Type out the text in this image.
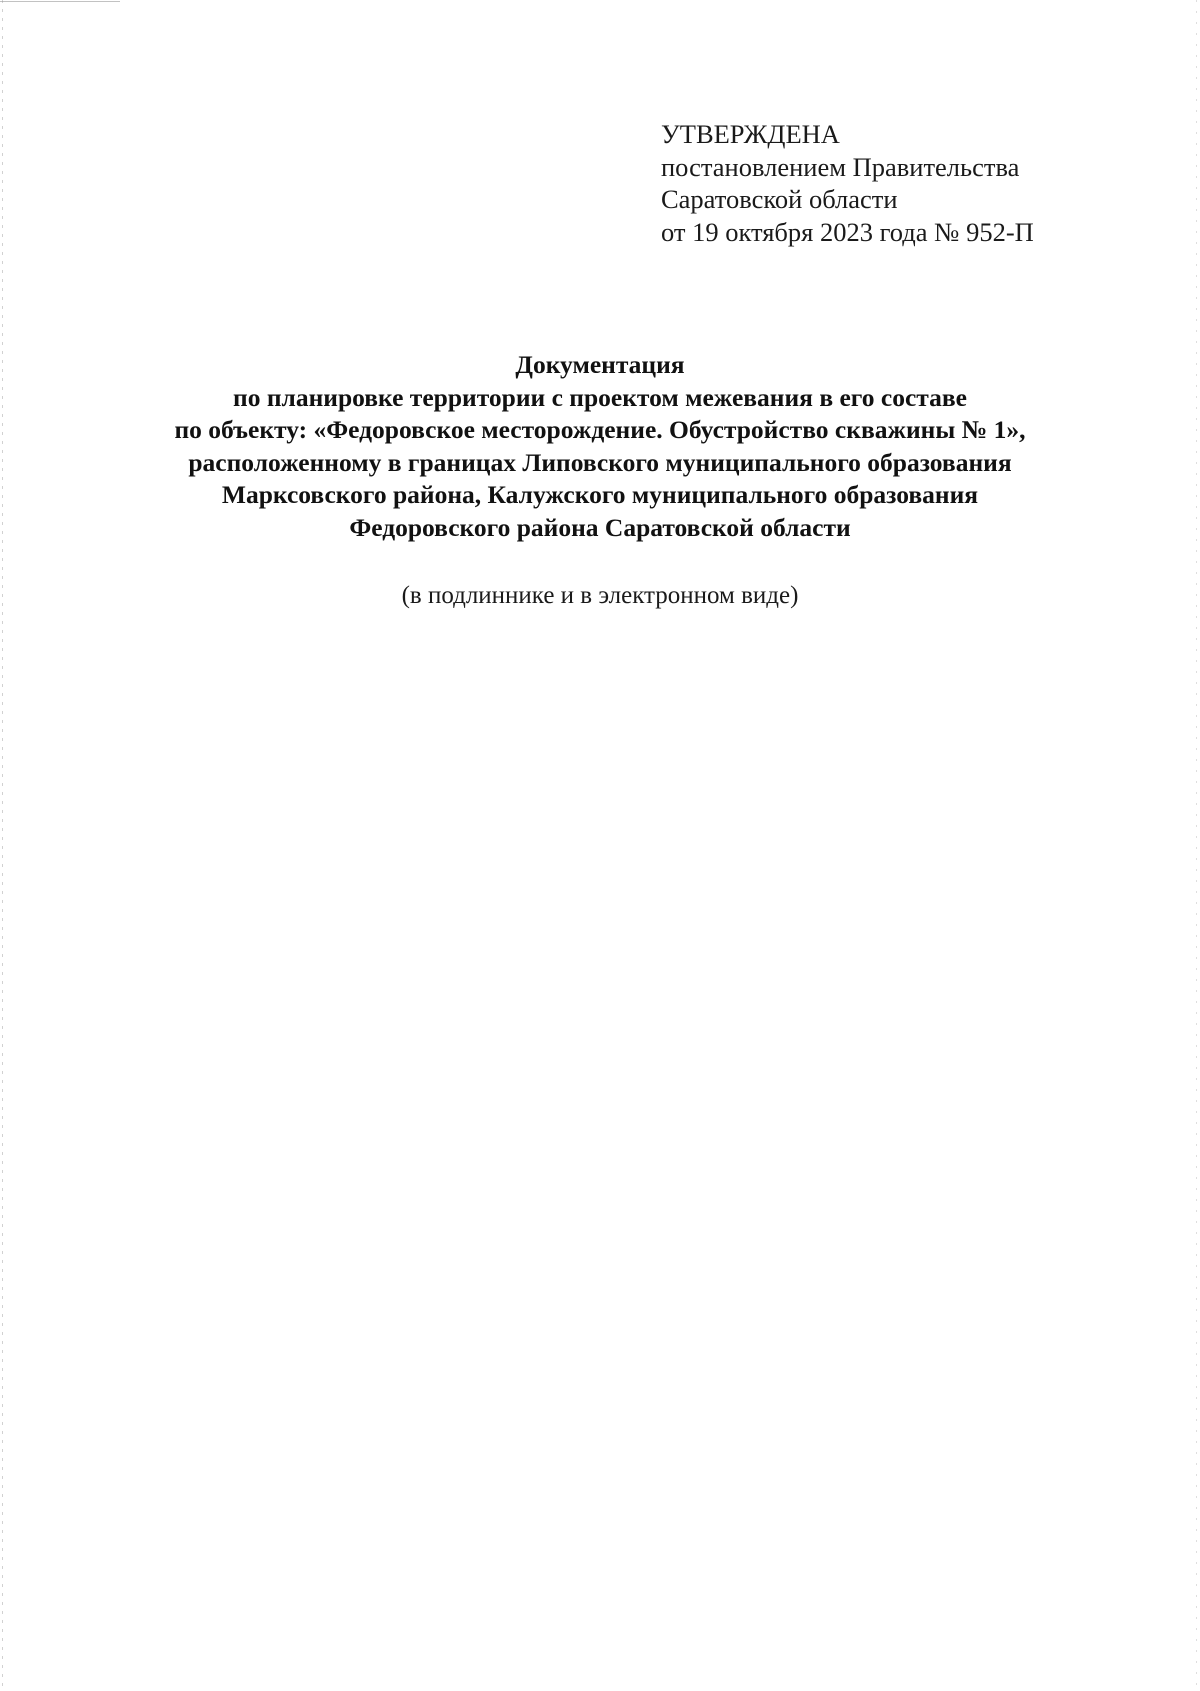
УТВЕРЖДЕНА
постановлением Правительства
Саратовской области
от 19 октября 2023 года № 952-П
Документация
по планировке территории с проектом межевания в его составе
по объекту: «Федоровское месторождение. Обустройство скважины № 1»,
расположенному в границах Липовского муниципального образования
Марксовского района, Калужского муниципального образования
Федоровского района Саратовской области
(в подлиннике и в электронном виде)
